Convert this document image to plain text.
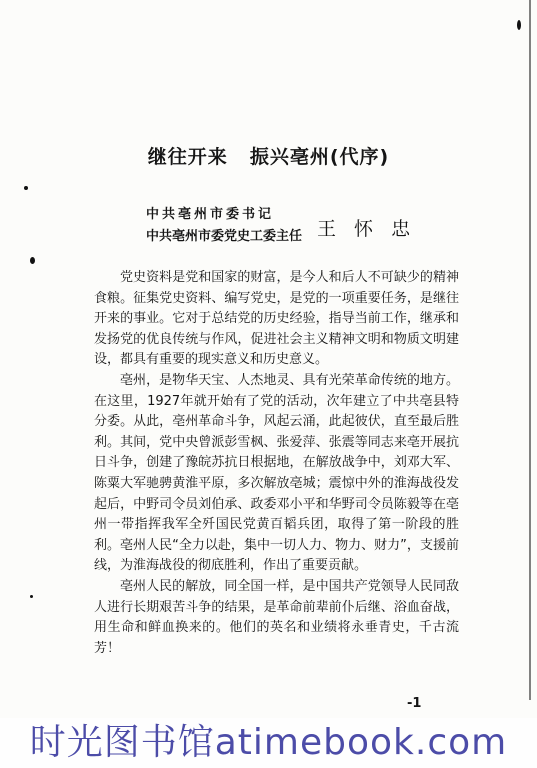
继往开来 振兴亳州(代序)
中共亳州市委书记
中共亳州市委党史工委主任 王 怀 忠

党史资料是党和国家的财富，是今人和后人不可缺少的精神食粮。征集党史资料、编写党史，是党的一项重要任务，是继往开来的事业。它对于总结党的历史经验，指导当前工作，继承和发扬党的优良传统与作风，促进社会主义精神文明和物质文明建设，都具有重要的现实意义和历史意义。

亳州，是物华天宝、人杰地灵、具有光荣革命传统的地方。在这里，1927年就开始有了党的活动，次年建立了中共亳县特分委。从此，亳州革命斗争，风起云涌，此起彼伏，直至最后胜利。其间，党中央曾派彭雪枫、张爱萍、张震等同志来亳开展抗日斗争，创建了豫皖苏抗日根据地，在解放战争中，刘邓大军、陈粟大军驰骋黄淮平原，多次解放亳城；震惊中外的淮海战役发起后，中野司令员刘伯承、政委邓小平和华野司令员陈毅等在亳州一带指挥我军全歼国民党黄百韬兵团，取得了第一阶段的胜利。亳州人民“全力以赴，集中一切人力、物力、财力”，支援前线，为淮海战役的彻底胜利，作出了重要贡献。

亳州人民的解放，同全国一样，是中国共产党领导人民同敌人进行长期艰苦斗争的结果，是革命前辈前仆后继、浴血奋战，用生命和鲜血换来的。他们的英名和业绩将永垂青史，千古流芳！

-1
时光图书馆atimebook.com
